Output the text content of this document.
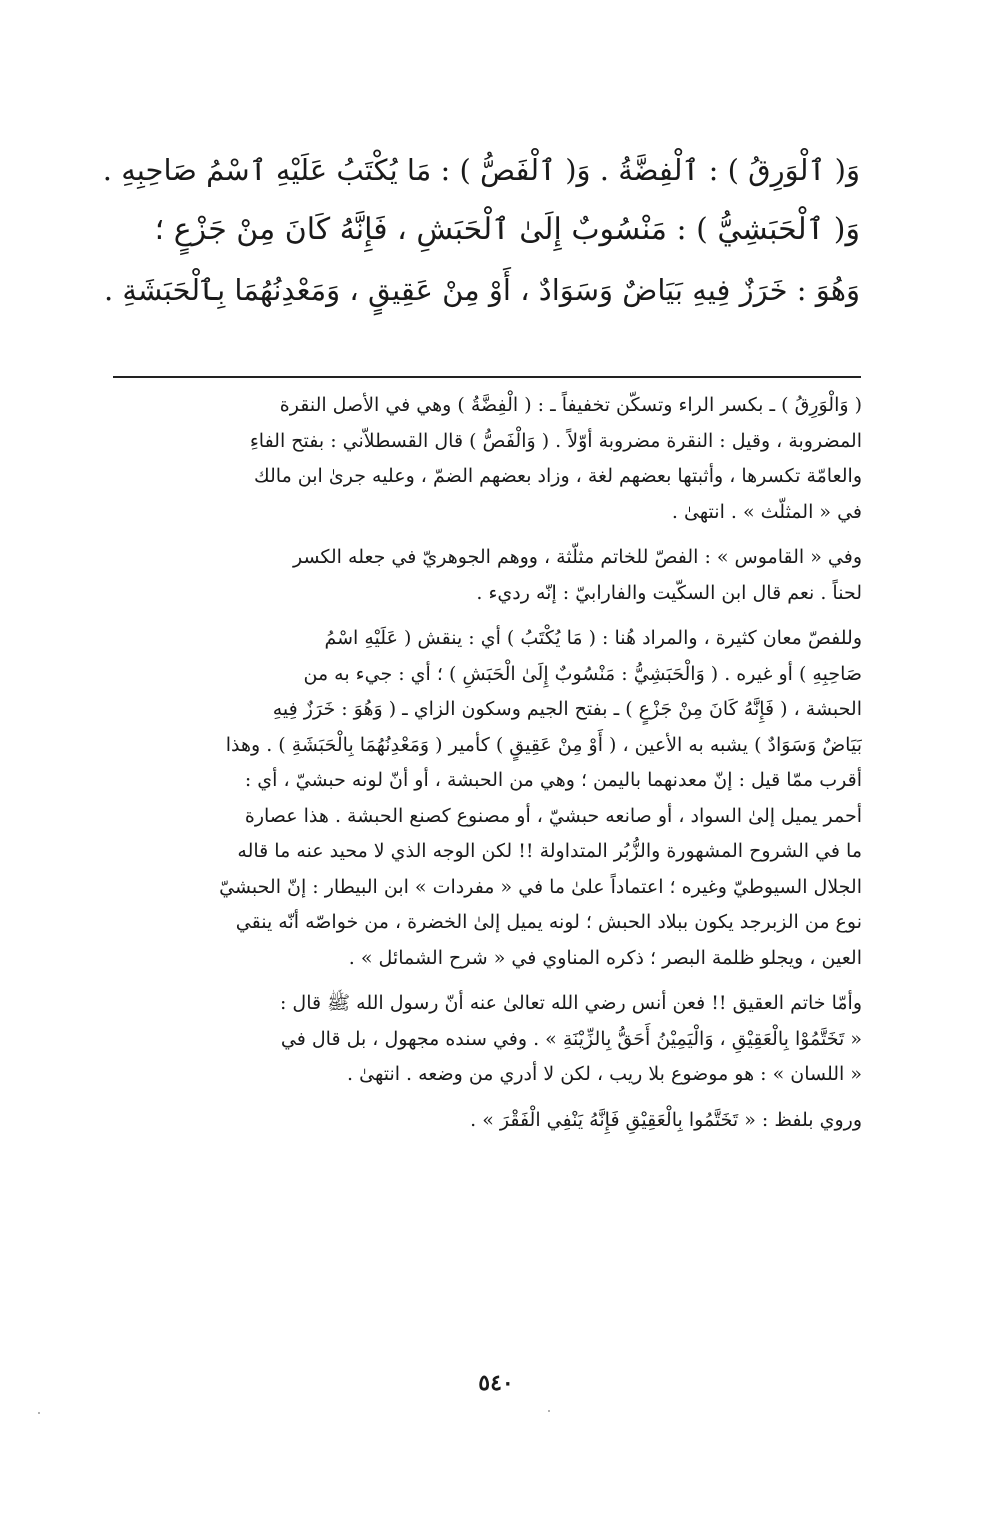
وَ( ٱلْوَرِقُ ) : ٱلْفِضَّةُ . وَ( ٱلْفَصُّ ) : مَا يُكْتَبُ عَلَيْهِ ٱسْمُ صَاحِبِهِ .
وَ( ٱلْحَبَشِيُّ ) : مَنْسُوبٌ إِلَىٰ ٱلْحَبَشِ ، فَإِنَّهُ كَانَ مِنْ جَزْعٍ ؛
وَهُوَ : خَرَزٌ فِيهِ بَيَاضٌ وَسَوَادٌ ، أَوْ مِنْ عَقِيقٍ ، وَمَعْدِنُهُمَا بِٱلْحَبَشَةِ .
( وَالْوَرِقُ ) ـ بكسر الراء وتسكّن تخفيفاً ـ : ( الْفِضَّةُ ) وهي في الأصل النقرة
المضروبة ، وقيل : النقرة مضروبة أوّلاً . ( وَالْفَصُّ ) قال القسطلاّني : بفتح الفاءِ
والعامّة تكسرها ، وأثبتها بعضهم لغة ، وزاد بعضهم الضمّ ، وعليه جرىٰ ابن مالك
في « المثلّث » . انتهىٰ .
وفي « القاموس » : الفصّ للخاتم مثلّثة ، ووهم الجوهريّ في جعله الكسر
لحناً . نعم قال ابن السكّيت والفارابيّ : إنّه رديء .
وللفصّ معان كثيرة ، والمراد هُنا : ( مَا يُكْتَبُ ) أي : ينقش ( عَلَيْهِ اسْمُ
صَاحِبِهِ ) أو غيره . ( وَالْحَبَشِيُّ : مَنْسُوبٌ إِلَىٰ الْحَبَشِ ) ؛ أي : جيء به من
الحبشة ، ( فَإِنَّهُ كَانَ مِنْ جَزْعٍ ) ـ بفتح الجيم وسكون الزاي ـ ( وَهُوَ : خَرَزٌ فِيهِ
بَيَاضٌ وَسَوَادٌ ) يشبه به الأعين ، ( أَوْ مِنْ عَقِيقٍ ) كأمير ( وَمَعْدِنُهُمَا بِالْحَبَشَةِ ) . وهذا
أقرب ممّا قيل : إنّ معدنهما باليمن ؛ وهي من الحبشة ، أو أنّ لونه حبشيّ ، أي :
أحمر يميل إلىٰ السواد ، أو صانعه حبشيّ ، أو مصنوع كصنع الحبشة . هذا عصارة
ما في الشروح المشهورة والزُّبُر المتداولة !! لكن الوجه الذي لا محيد عنه ما قاله
الجلال السيوطيّ وغيره ؛ اعتماداً علىٰ ما في « مفردات » ابن البيطار : إنّ الحبشيّ
نوع من الزبرجد يكون ببلاد الحبش ؛ لونه يميل إلىٰ الخضرة ، من خواصّه أنّه ينقي
العين ، ويجلو ظلمة البصر ؛ ذكره المناوي في « شرح الشمائل » .
وأمّا خاتم العقيق !! فعن أنس رضي الله تعالىٰ عنه أنّ رسول الله ﷺ قال :
« تَخَتَّمُوْا بِالْعَقِيْقِ ، وَالْيَمِيْنُ أَحَقُّ بِالزِّيْنَةِ » . وفي سنده مجهول ، بل قال في
« اللسان » : هو موضوع بلا ريب ، لكن لا أدري من وضعه . انتهىٰ .
وروي بلفظ : « تَخَتَّمُوا بِالْعَقِيْقِ فَإِنَّهُ يَنْفِي الْفَقْرَ » .
٥٤٠
